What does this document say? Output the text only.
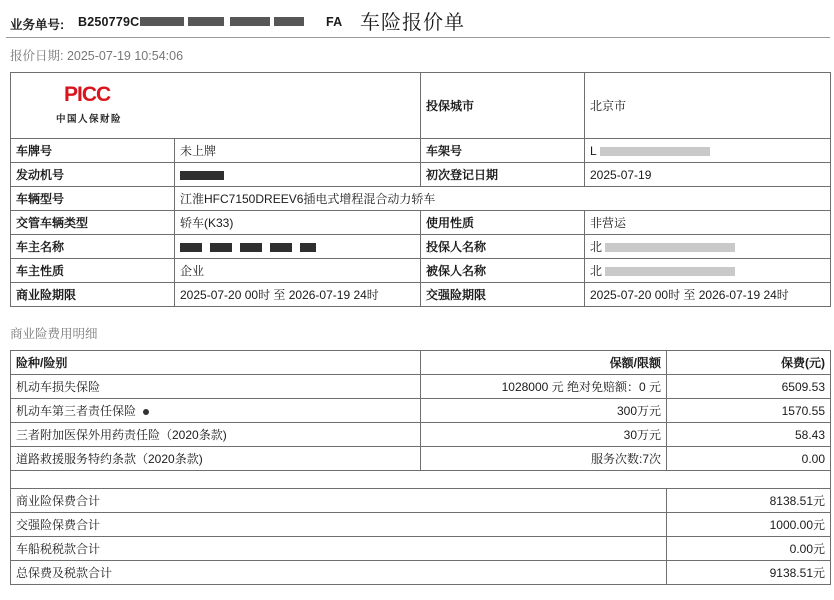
业务单号: B250779C	FA 车险报价单
报价日期: 2025-07-19 10:54:06
PICC
中国人保财险		投保城市	北京市
车牌号	未上牌	车架号	L
发动机号		初次登记日期	2025-07-19
车辆型号	江淮HFC7150DREEV6插电式增程混合动力轿车		
交管车辆类型	轿车(K33)	使用性质	非营运
车主名称		投保人名称	北
车主性质	企业	被保人名称	北
商业险期限	2025-07-20 00时 至 2026-07-19 24时	交强险期限	2025-07-20 00时 至 2026-07-19 24时
商业险费用明细
险种/险别	保额/限额	保费(元)
机动车损失保险	1028000 元 绝对免赔额：0 元	6509.53
机动车第三者责任保险	300万元	1570.55
三者附加医保外用药责任险（2020条款)	30万元	58.43
道路救援服务特约条款（2020条款)	服务次数:7次	0.00

商业险保费合计		8138.51元
交强险保费合计		1000.00元
车船税税款合计		0.00元
总保费及税款合计		9138.51元
